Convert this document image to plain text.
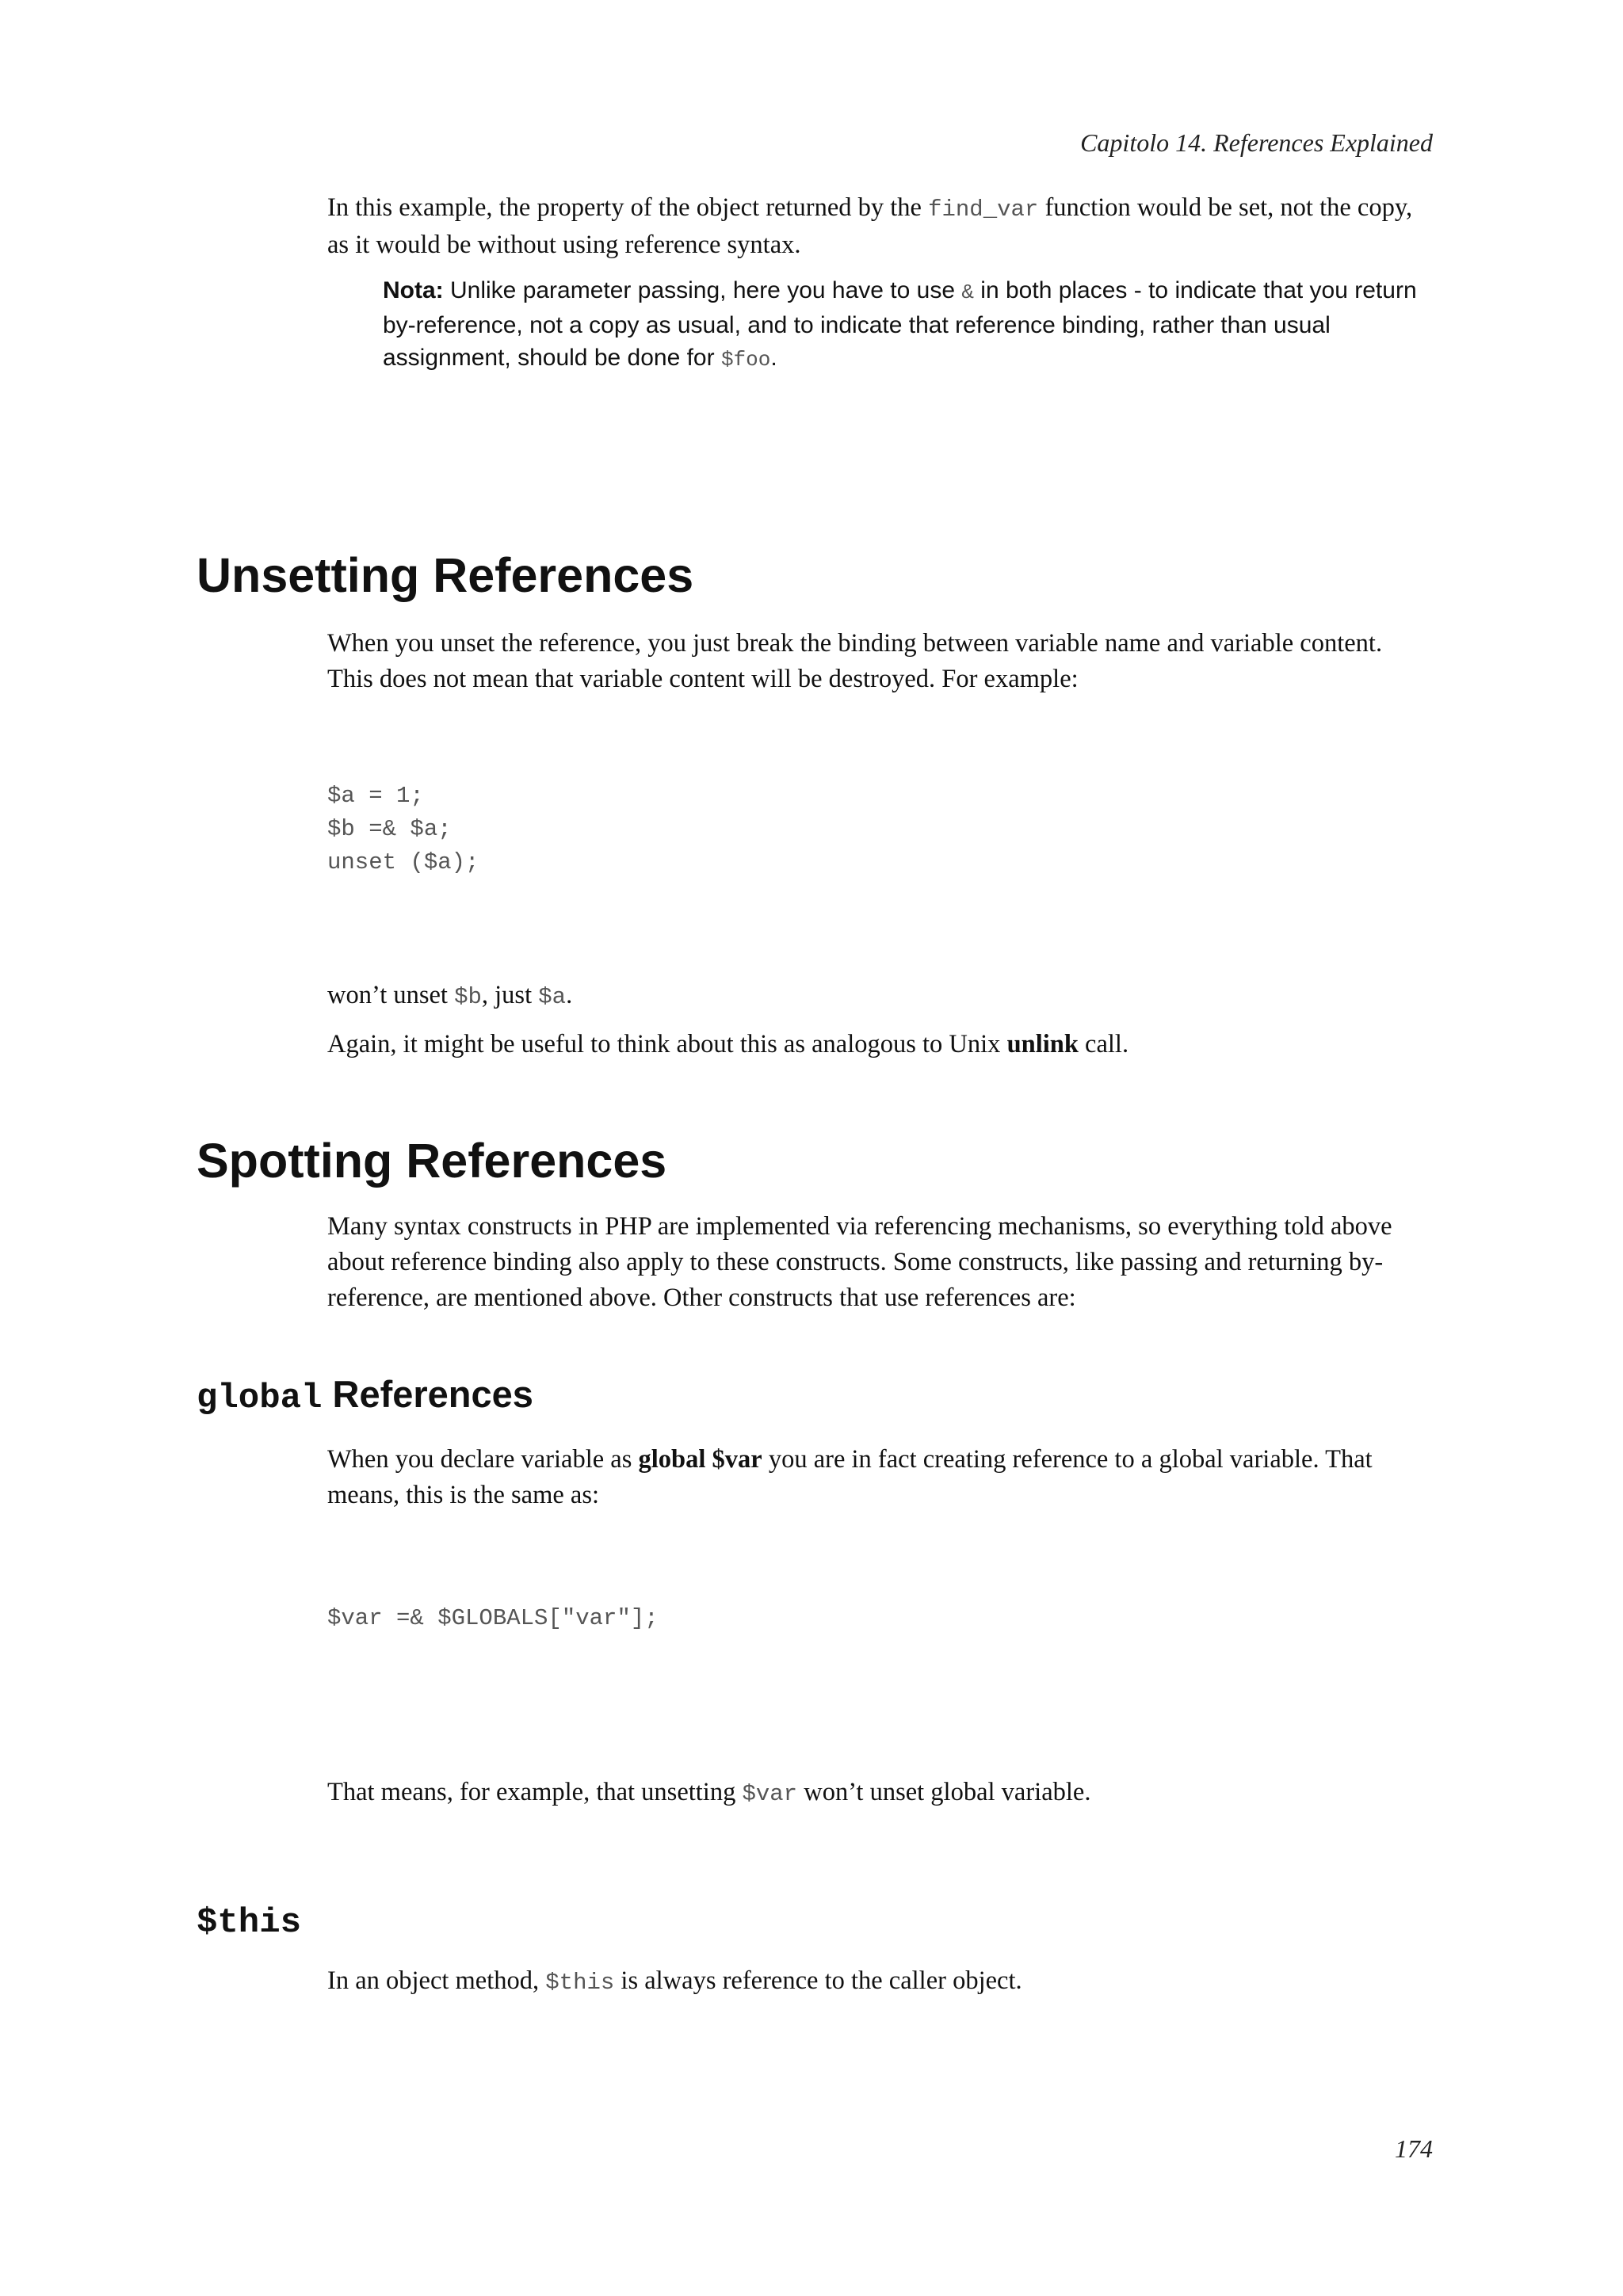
Capitolo 14. References Explained

In this example, the property of the object returned by the find_var function would be set, not the copy, as it would be without using reference syntax.

Nota: Unlike parameter passing, here you have to use & in both places - to indicate that you return by-reference, not a copy as usual, and to indicate that reference binding, rather than usual assignment, should be done for $foo.
Unsetting References

When you unset the reference, you just break the binding between variable name and variable content. This does not mean that variable content will be destroyed. For example:

$a = 1;
$b =& $a;
unset ($a);

won’t unset $b, just $a.

Again, it might be useful to think about this as analogous to Unix unlink call.

Spotting References

Many syntax constructs in PHP are implemented via referencing mechanisms, so everything told above about reference binding also apply to these constructs. Some constructs, like passing and returning by-reference, are mentioned above. Other constructs that use references are:

global References

When you declare variable as global $var you are in fact creating reference to a global variable. That means, this is the same as:

$var =& $GLOBALS["var"];

That means, for example, that unsetting $var won’t unset global variable.

$this

In an object method, $this is always reference to the caller object.

174
